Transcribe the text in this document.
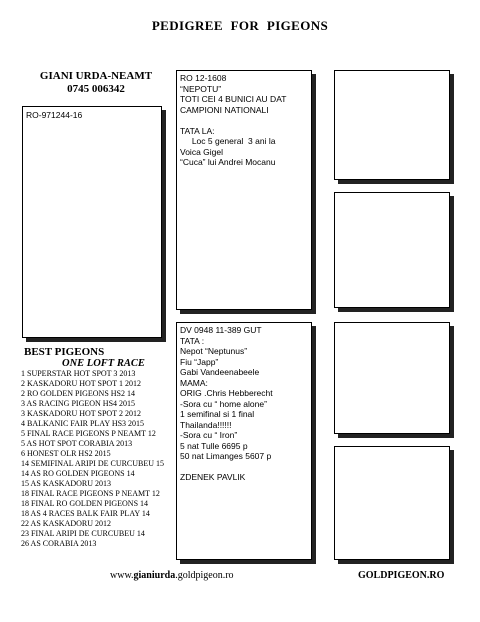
PEDIGREE FOR PIGEONS
GIANI URDA-NEAMT
0745 006342
RO-971244-16
RO 12-1608
“NEPOTU”
TOTI CEI 4 BUNICI AU DAT
CAMPIONI NATIONALI

TATA LA:
Loc 5 general  3 ani la
Voica Gigel
“Cuca” lui Andrei Mocanu
DV 0948 11-389 GUT
TATA :
Nepot “Neptunus”
Fiu “Japp”
Gabi Vandeenabeele
MAMA:
ORIG .Chris Hebberecht
-Sora cu “ home alone”
1 semifinal si 1 final
Thailanda!!!!!!
-Sora cu “ Iron”
5 nat Tulle 6695 p
50 nat Limanges 5607 p

ZDENEK PAVLIK
BEST PIGEONS
ONE LOFT RACE
1 SUPERSTAR HOT SPOT 3 2013
2 KASKADORU HOT SPOT 1 2012
2 RO GOLDEN PIGEONS HS2 14
3 AS RACING PIGEON HS4 2015
3 KASKADORU HOT SPOT 2 2012
4 BALKANIC FAIR PLAY HS3 2015
5 FINAL RACE PIGEONS P NEAMT 12
5 AS HOT SPOT CORABIA 2013
6 HONEST OLR HS2 2015
14 SEMIFINAL ARIPI DE CURCUBEU 15
14 AS RO GOLDEN PIGEONS 14
15 AS KASKADORU 2013
18 FINAL RACE PIGEONS P NEAMT 12
18 FINAL RO GOLDEN PIGEONS 14
18 AS 4 RACES BALK FAIR PLAY 14
22 AS KASKADORU 2012
23 FINAL ARIPI DE CURCUBEU 14
26 AS CORABIA 2013
www.gianiurda.goldpigeon.ro	GOLDPIGEON.RO
